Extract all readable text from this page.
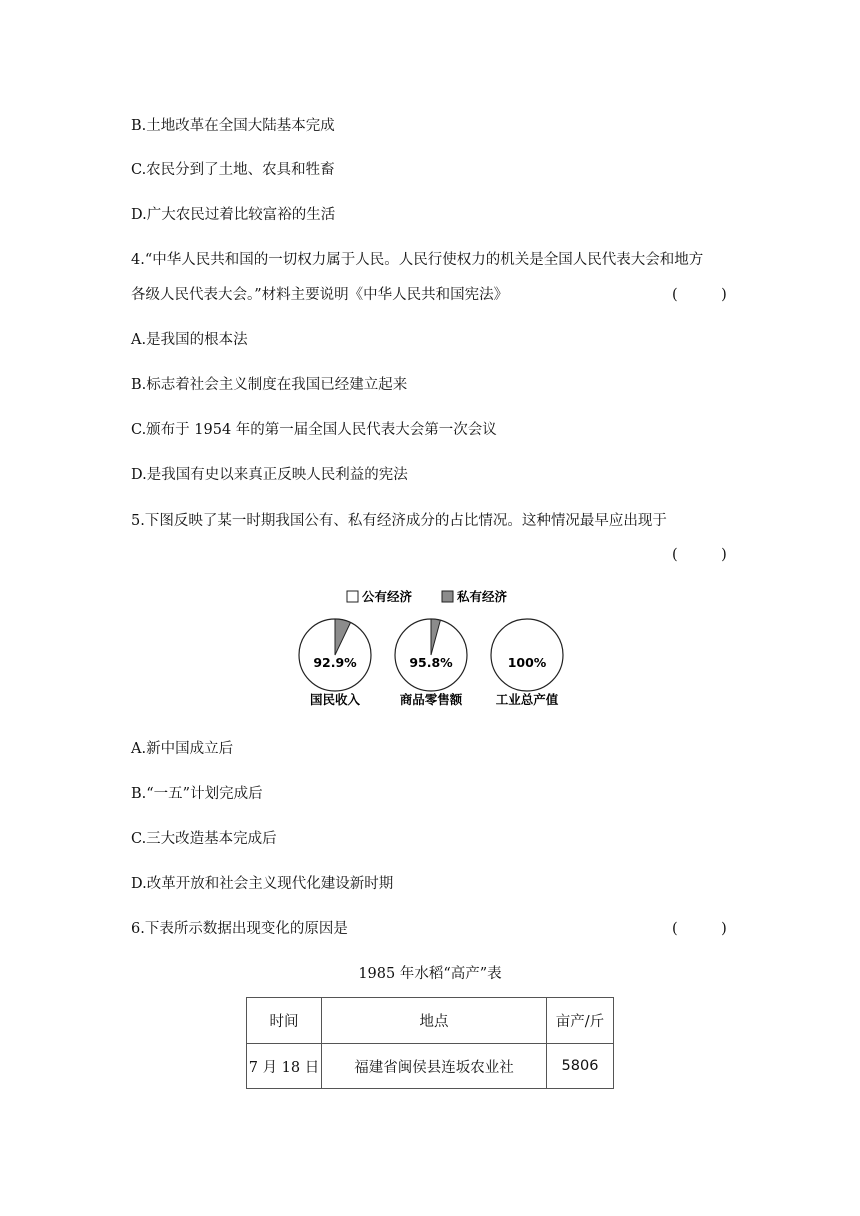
B.土地改革在全国大陆基本完成
C.农民分到了土地、农具和牲畜
D.广大农民过着比较富裕的生活
4.“中华人民共和国的一切权力属于人民。人民行使权力的机关是全国人民代表大会和地方
各级人民代表大会。”材料主要说明《中华人民共和国宪法》	(　　　)
A.是我国的根本法
B.标志着社会主义制度在我国已经建立起来
C.颁布于 1954 年的第一届全国人民代表大会第一次会议
D.是我国有史以来真正反映人民利益的宪法
5.下图反映了某一时期我国公有、私有经济成分的占比情况。这种情况最早应出现于
(　　　)
公有经济	私有经济
92.9%
国民收入
95.8%
商品零售额
100%
工业总产值
A.新中国成立后
B.“一五”计划完成后
C.三大改造基本完成后
D.改革开放和社会主义现代化建设新时期
6.下表所示数据出现变化的原因是	(　　　)
1985 年水稻“高产”表
时间	地点	亩产/斤
7 月 18 日	福建省闽侯县连坂农业社	5806
